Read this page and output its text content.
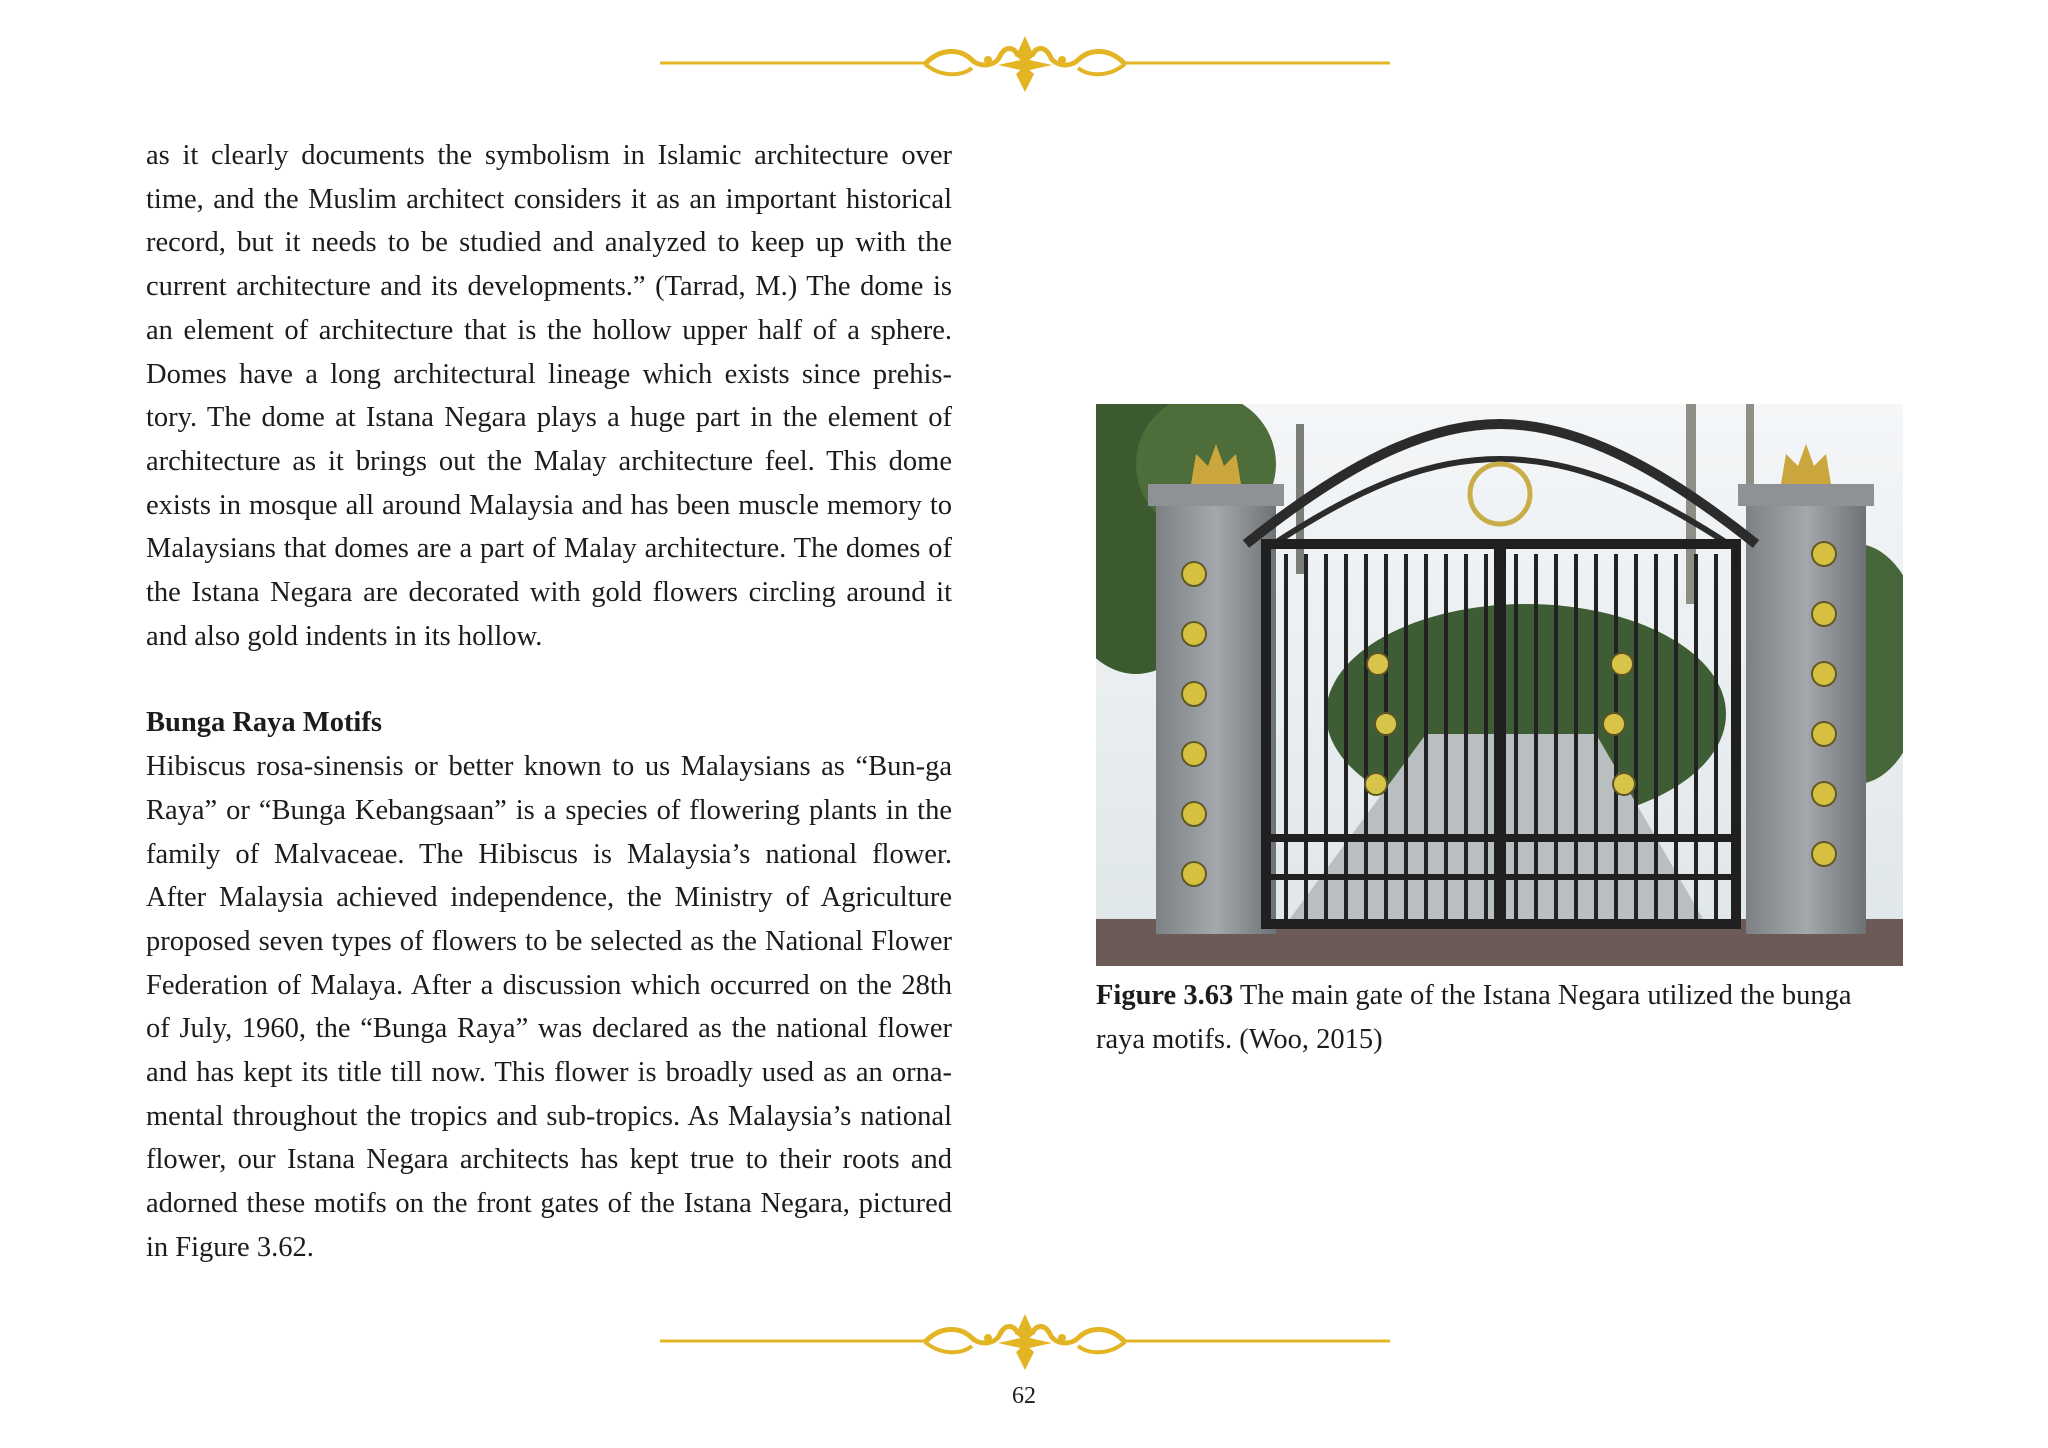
as it clearly documents the symbolism in Islamic architecture over time, and the Muslim architect considers it as an important historical record, but it needs to be studied and analyzed to keep up with the current architecture and its developments.” (Tarrad, M.) The dome is an element of architecture that is the hollow upper half of a sphere. Domes have a long architectural lineage which exists since prehis-tory. The dome at Istana Negara plays a huge part in the element of architecture as it brings out the Malay architecture feel. This dome exists in mosque all around Malaysia and has been muscle memory to Malaysians that domes are a part of Malay architecture. The domes of the Istana Negara are decorated with gold flowers circling around it and also gold indents in its hollow.

Bunga Raya Motifs

Hibiscus rosa-sinensis or better known to us Malaysians as “Bun-ga Raya” or “Bunga Kebangsaan” is a species of flowering plants in the family of Malvaceae. The Hibiscus is Malaysia’s national flower. After Malaysia achieved independence, the Ministry of Agriculture proposed seven types of flowers to be selected as the National Flower Federation of Malaya. After a discussion which occurred on the 28th of July, 1960, the “Bunga Raya” was declared as the national flower and has kept its title till now. This flower is broadly used as an orna-mental throughout the tropics and sub-tropics. As Malaysia’s national flower, our Istana Negara architects has kept true to their roots and adorned these motifs on the front gates of the Istana Negara, pictured in Figure 3.62.

Figure 3.63 The main gate of the Istana Negara utilized the bunga raya motifs. (Woo, 2015)
62
